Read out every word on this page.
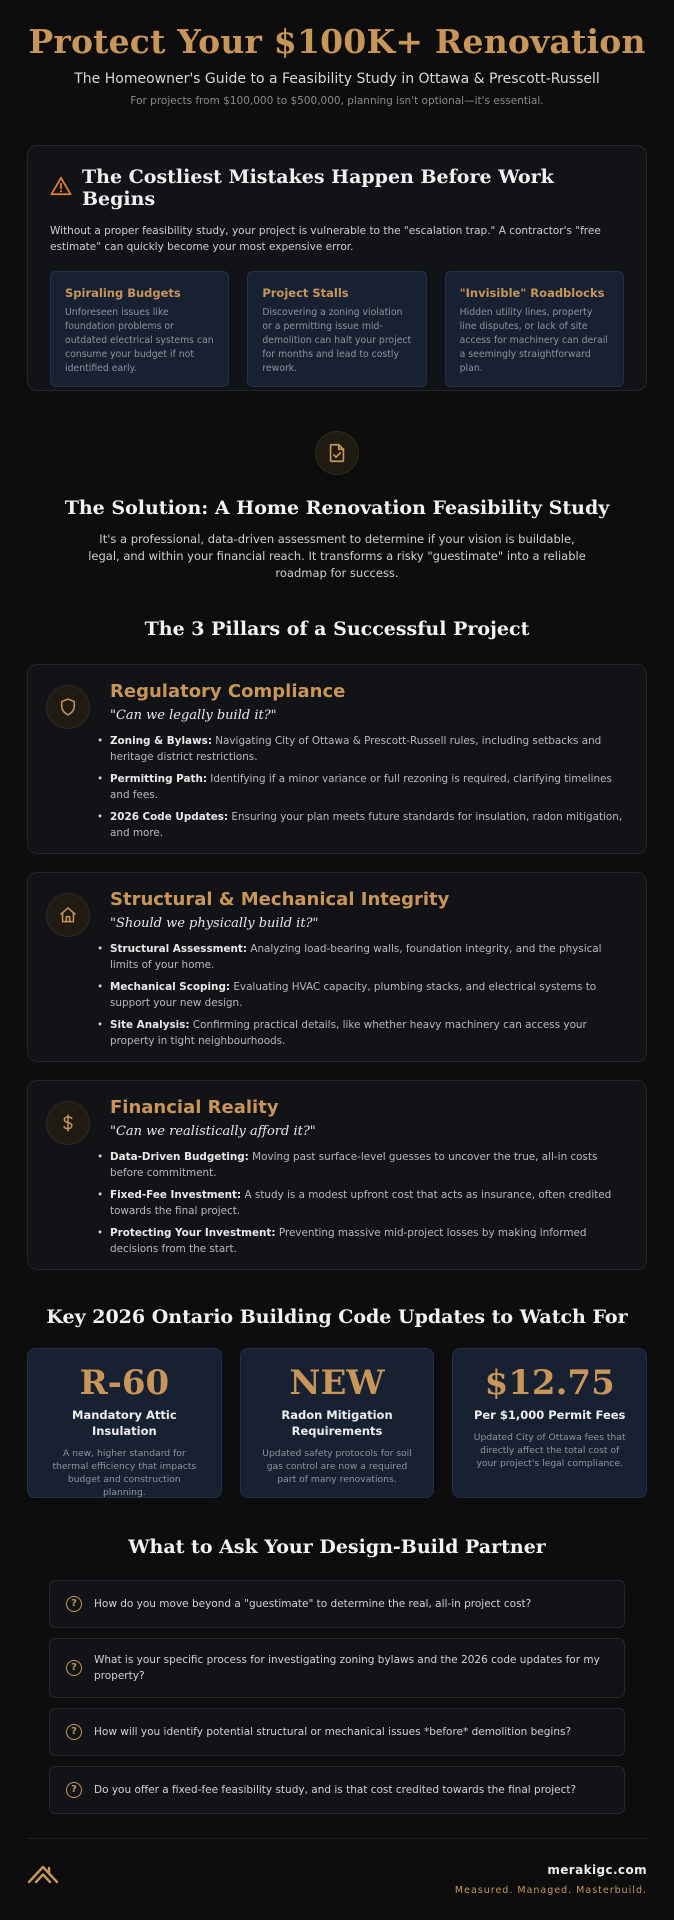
Protect Your $100K+ Renovation
The Homeowner's Guide to a Feasibility Study in Ottawa & Prescott-Russell
For projects from $100,000 to $500,000, planning isn't optional—it's essential.
The Costliest Mistakes Happen Before Work Begins

Without a proper feasibility study, your project is vulnerable to the "escalation trap." A contractor's "free estimate" can quickly become your most expensive error.

Spiraling Budgets

Unforeseen issues like foundation problems or outdated electrical systems can consume your budget if not identified early.

Project Stalls

Discovering a zoning violation or a permitting issue mid-demolition can halt your project for months and lead to costly rework.

"Invisible" Roadblocks

Hidden utility lines, property line disputes, or lack of site access for machinery can derail a seemingly straightforward plan.

The Solution: A Home Renovation Feasibility Study

It's a professional, data-driven assessment to determine if your vision is buildable, legal, and within your financial reach. It transforms a risky "guestimate" into a reliable roadmap for success.

The 3 Pillars of a Successful Project
Regulatory Compliance
"Can we legally build it?"
• Zoning & Bylaws: Navigating City of Ottawa & Prescott-Russell rules, including setbacks and heritage district restrictions.
• Permitting Path: Identifying if a minor variance or full rezoning is required, clarifying timelines and fees.
• 2026 Code Updates: Ensuring your plan meets future standards for insulation, radon mitigation, and more.
Structural & Mechanical Integrity
"Should we physically build it?"
• Structural Assessment: Analyzing load-bearing walls, foundation integrity, and the physical limits of your home.
• Mechanical Scoping: Evaluating HVAC capacity, plumbing stacks, and electrical systems to support your new design.
• Site Analysis: Confirming practical details, like whether heavy machinery can access your property in tight neighbourhoods.
Financial Reality
"Can we realistically afford it?"
• Data-Driven Budgeting: Moving past surface-level guesses to uncover the true, all-in costs before commitment.
• Fixed-Fee Investment: A study is a modest upfront cost that acts as insurance, often credited towards the final project.
• Protecting Your Investment: Preventing massive mid-project losses by making informed decisions from the start.
Key 2026 Ontario Building Code Updates to Watch For
R-60
Mandatory Attic Insulation
A new, higher standard for thermal efficiency that impacts budget and construction planning.
NEW
Radon Mitigation Requirements
Updated safety protocols for soil gas control are now a required part of many renovations.
$12.75
Per $1,000 Permit Fees
Updated City of Ottawa fees that directly affect the total cost of your project's legal compliance.
What to Ask Your Design-Build Partner
?	How do you move beyond a "guestimate" to determine the real, all-in project cost?
?
What is your specific process for investigating zoning bylaws and the 2026 code updates for my property?
?	How will you identify potential structural or mechanical issues *before* demolition begins?
?	Do you offer a fixed-fee feasibility study, and is that cost credited towards the final project?
merakigc.com
Measured. Managed. Masterbuild.
